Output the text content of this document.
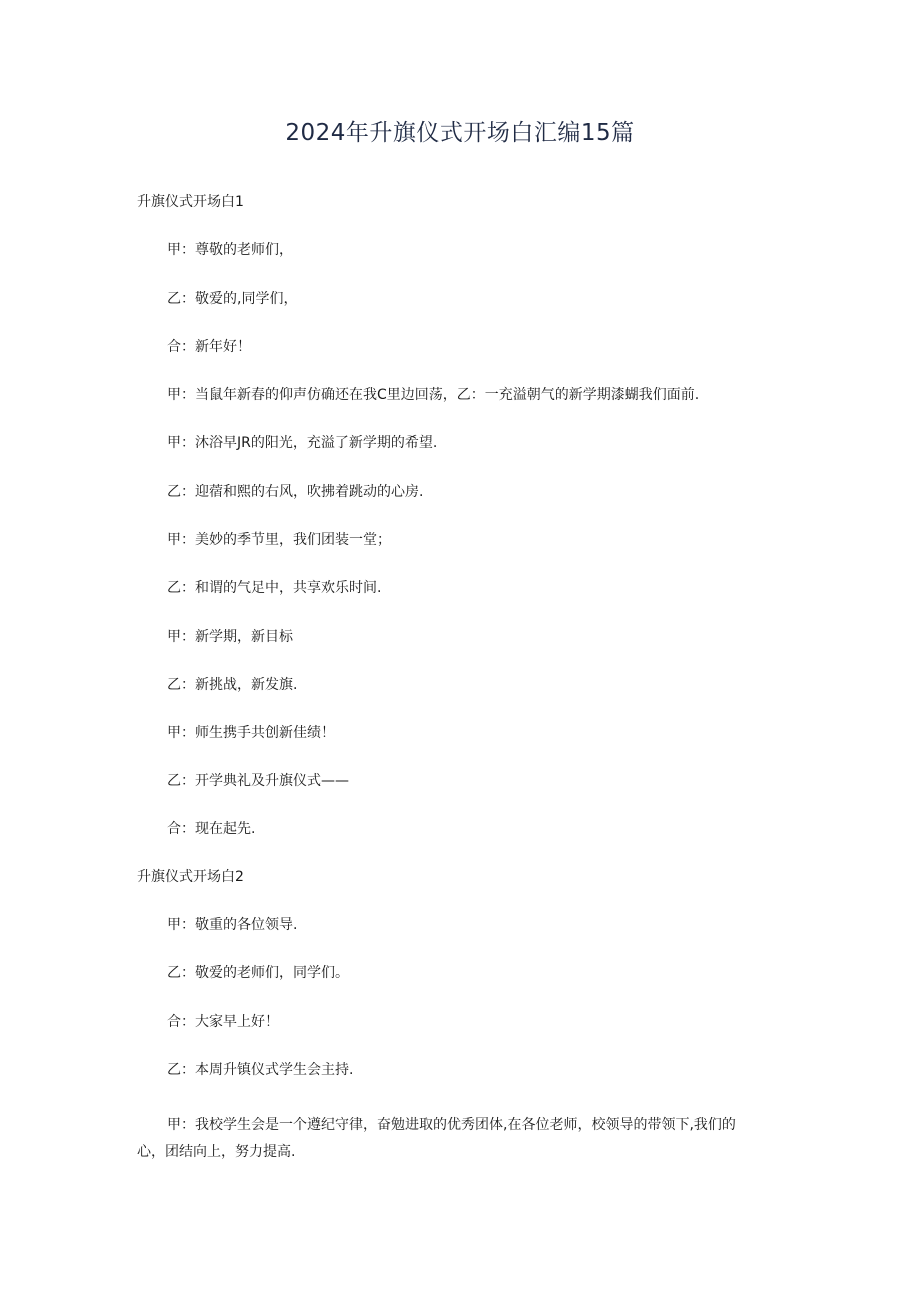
2024年升旗仪式开场白汇编15篇

升旗仪式开场白1

甲：尊敬的老师们，

乙：敬爱的,同学们，

合：新年好！

甲：当鼠年新春的仰声仿确还在我C里边回荡，乙：一充溢朝气的新学期漆蝴我们面前.

甲：沐浴早JR的阳光，充溢了新学期的希望.

乙：迎蓿和熙的右风，吹拂着跳动的心房.

甲：美妙的季节里，我们团装一堂；

乙：和谓的气足中，共享欢乐时间.

甲：新学期，新目标

乙：新挑战，新发旗.

甲：师生携手共创新佳绩！

乙：开学典礼及升旗仪式——

合：现在起先.

升旗仪式开场白2

甲：敬重的各位领导.

乙：敬爱的老师们，同学们。

合：大家早上好！

乙：本周升镇仪式学生会主持.

甲：我校学生会是一个遵纪守律，奋勉进取的优秀团体,在各位老师，校领导的带领下,我们的心，团结向上，努力提高.
